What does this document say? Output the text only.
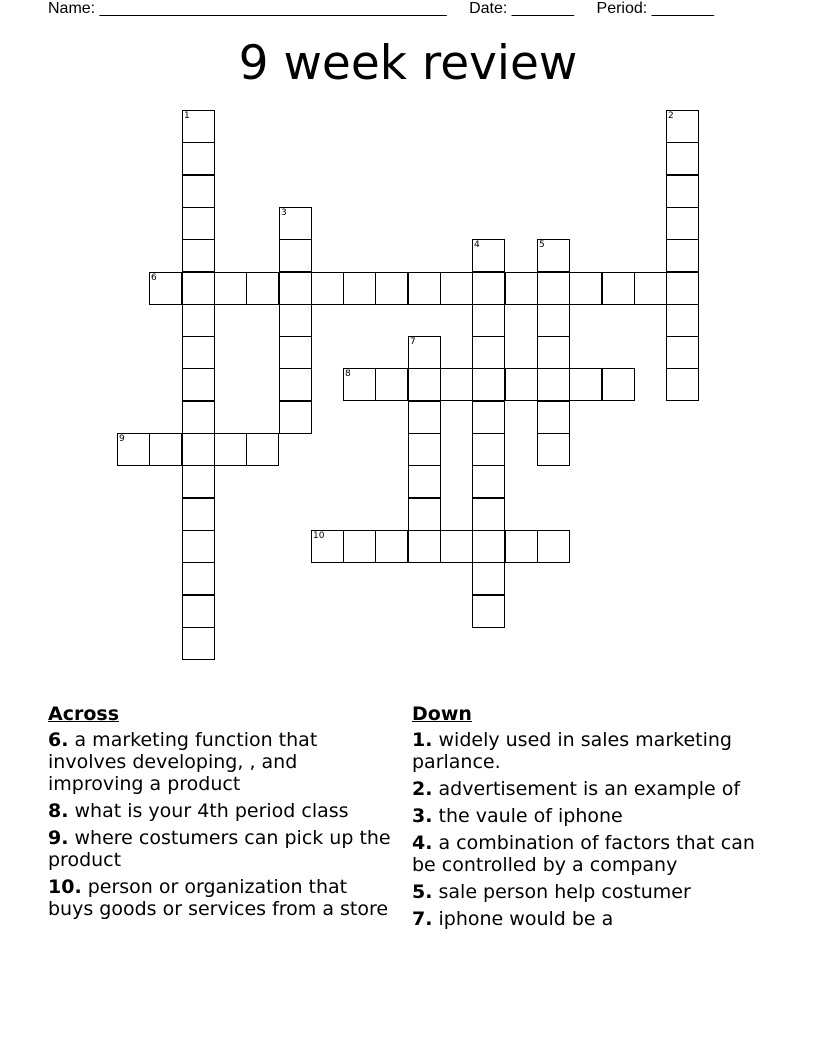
Name: _______________________________________ Date: _______ Period: _______
9 week review
6
8
9
10
1	2
3
4	5
7
Across
6. a marketing function that involves developing, , and improving a product
8. what is your 4th period class
9. where costumers can pick up the product
10. person or organization that buys goods or services from a store
Down
1. widely used in sales marketing parlance.
2. advertisement is an example of
3. the vaule of iphone
4. a combination of factors that can be controlled by a company
5. sale person help costumer
7. iphone would be a
